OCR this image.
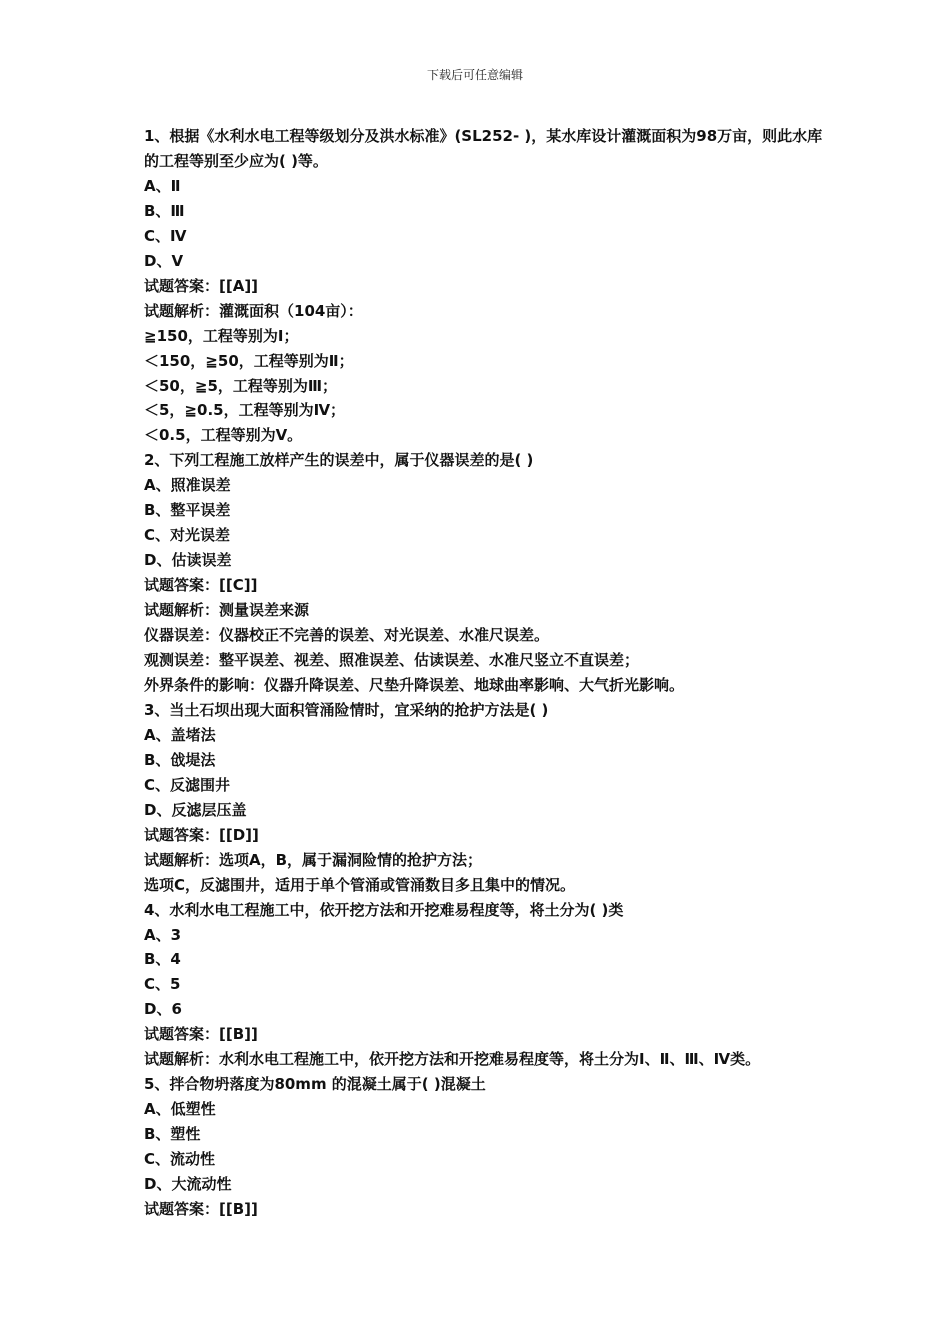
下载后可任意编辑
1、根据《水利水电工程等级划分及洪水标准》(SL252- )，某水库设计灌溉面积为98万亩，则此水库的工程等别至少应为( )等。
A、Ⅱ
B、Ⅲ
C、Ⅳ
D、Ⅴ
试题答案：[[A]]
试题解析：灌溉面积（104亩）：
≧150，工程等别为Ⅰ；
＜150，≧50，工程等别为Ⅱ；
＜50，≧5，工程等别为Ⅲ；
＜5，≧0.5，工程等别为Ⅳ；
＜0.5，工程等别为Ⅴ。
2、下列工程施工放样产生的误差中，属于仪器误差的是( )
A、照准误差
B、整平误差
C、对光误差
D、估读误差
试题答案：[[C]]
试题解析：测量误差来源
仪器误差：仪器校正不完善的误差、对光误差、水准尺误差。
观测误差：整平误差、视差、照准误差、估读误差、水准尺竖立不直误差；
外界条件的影响：仪器升降误差、尺垫升降误差、地球曲率影响、大气折光影响。
3、当土石坝出现大面积管涌险情时，宜采纳的抢护方法是( )
A、盖堵法
B、戗堤法
C、反滤围井
D、反滤层压盖
试题答案：[[D]]
试题解析：选项A，B，属于漏洞险情的抢护方法；
选项C，反滤围井，适用于单个管涌或管涌数目多且集中的情况。
4、水利水电工程施工中，依开挖方法和开挖难易程度等，将土分为( )类
A、3
B、4
C、5
D、6
试题答案：[[B]]
试题解析：水利水电工程施工中，依开挖方法和开挖难易程度等，将土分为Ⅰ、Ⅱ、Ⅲ、Ⅳ类。
5、拌合物坍落度为80mm 的混凝土属于( )混凝土
A、低塑性
B、塑性
C、流动性
D、大流动性
试题答案：[[B]]
